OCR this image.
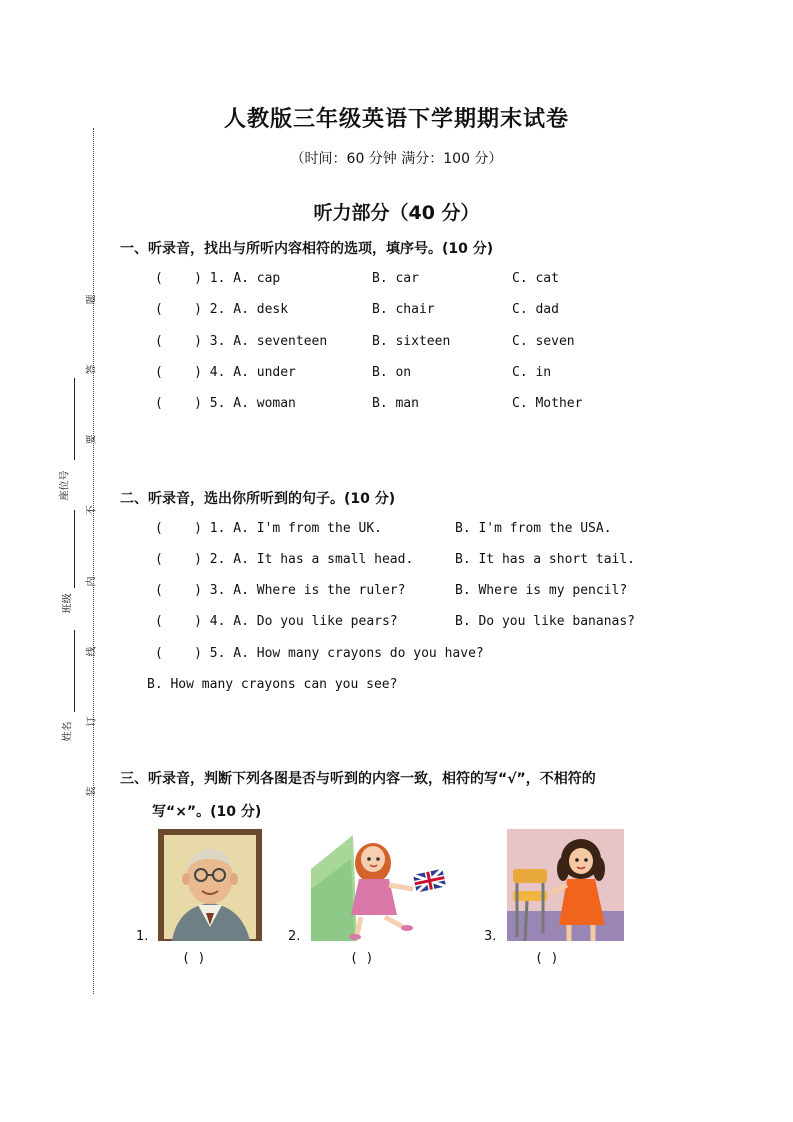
题
答
要
不
内
线
订
装
座位号
班级
姓名
人教版三年级英语下学期期末试卷
（时间：60 分钟 满分：100 分）
听力部分（40 分）
一、听录音，找出与所听内容相符的选项，填序号。(10 分)
(    ) 1. A. cap	B. car	C. cat
(    ) 2. A. desk	B. chair	C. dad
(    ) 3. A. seventeen	B. sixteen	C. seven
(    ) 4. A. under	B. on	C. in
(    ) 5. A. woman	B. man	C. Mother
二、听录音，选出你所听到的句子。(10 分)
(    ) 1. A. I'm from the UK.	B. I'm from the USA.
(    ) 2. A. It has a small head.	B. It has a short tail.
(    ) 3. A. Where is the ruler?	B. Where is my pencil?
(    ) 4. A. Do you like pears?	B. Do you like bananas?
(    ) 5. A. How many crayons do you have?
B. How many crayons can you see?
三、听录音，判断下列各图是否与听到的内容一致，相符的写“√”，不相符的
写“×”。(10 分)
1.
( )
2.
( )
3.
( )
